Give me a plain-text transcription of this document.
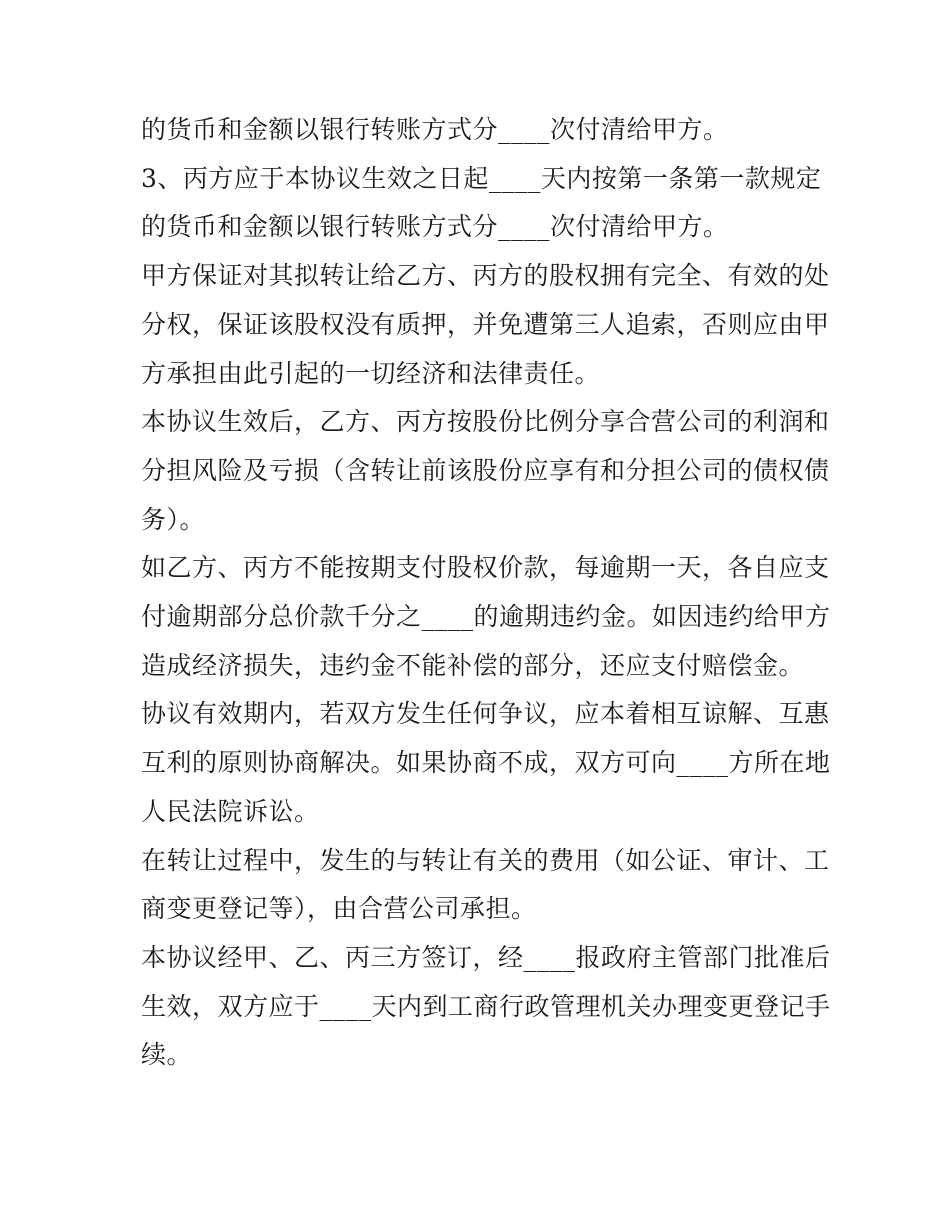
的货币和金额以银行转账方式分____次付清给甲方。

3、丙方应于本协议生效之日起____天内按第一条第一款规定的货币和金额以银行转账方式分____次付清给甲方。

甲方保证对其拟转让给乙方、丙方的股权拥有完全、有效的处分权，保证该股权没有质押，并免遭第三人追索，否则应由甲方承担由此引起的一切经济和法律责任。

本协议生效后，乙方、丙方按股份比例分享合营公司的利润和分担风险及亏损（含转让前该股份应享有和分担公司的债权债务）。

如乙方、丙方不能按期支付股权价款，每逾期一天，各自应支付逾期部分总价款千分之____的逾期违约金。如因违约给甲方造成经济损失，违约金不能补偿的部分，还应支付赔偿金。

协议有效期内，若双方发生任何争议，应本着相互谅解、互惠互利的原则协商解决。如果协商不成，双方可向____方所在地人民法院诉讼。

在转让过程中，发生的与转让有关的费用（如公证、审计、工商变更登记等），由合营公司承担。

本协议经甲、乙、丙三方签订，经____报政府主管部门批准后生效，双方应于____天内到工商行政管理机关办理变更登记手续。
